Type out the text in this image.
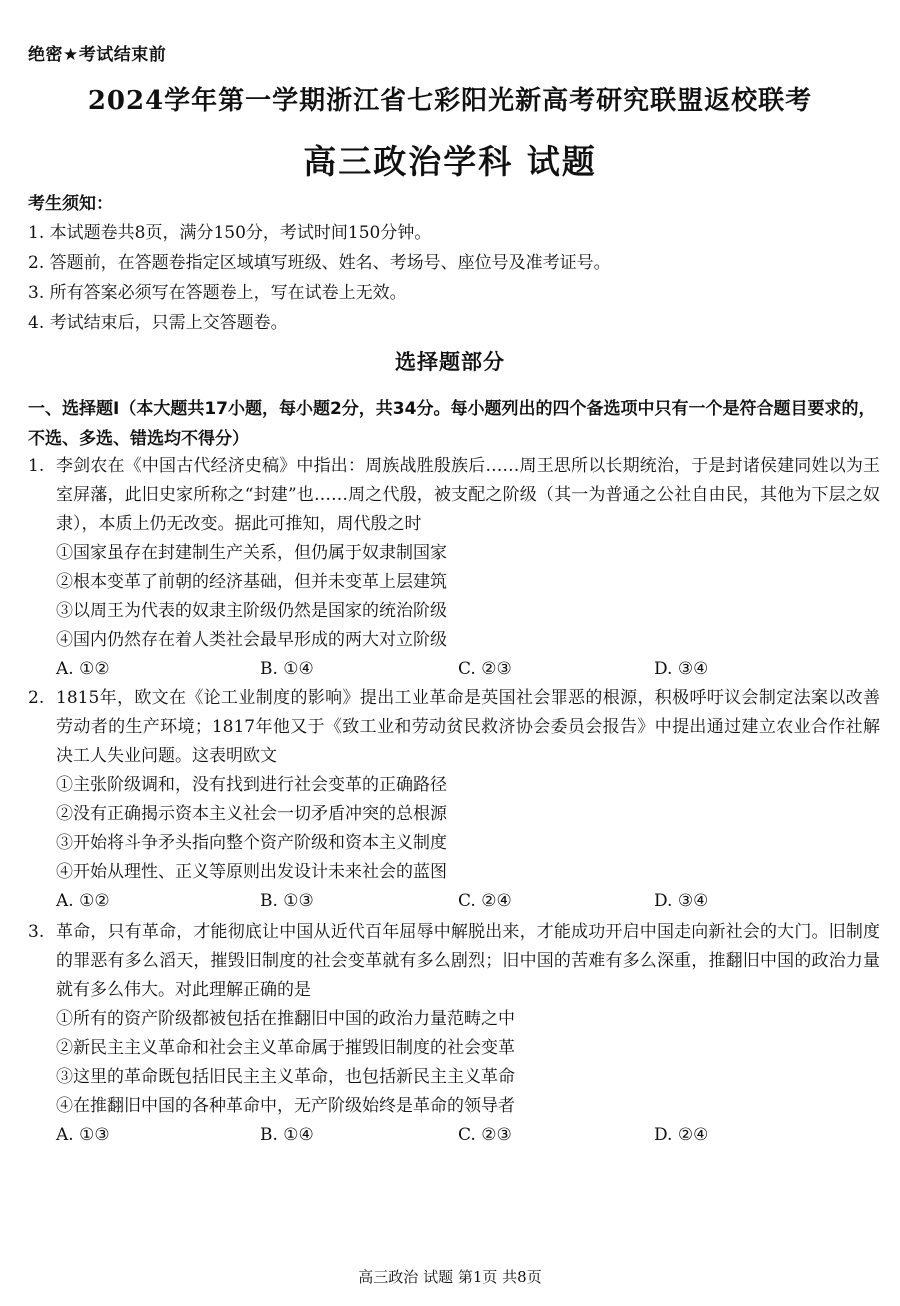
绝密★考试结束前
2024学年第一学期浙江省七彩阳光新高考研究联盟返校联考
高三政治学科 试题
考生须知：
1. 本试题卷共8页，满分150分，考试时间150分钟。
2. 答题前，在答题卷指定区域填写班级、姓名、考场号、座位号及准考证号。
3. 所有答案必须写在答题卷上，写在试卷上无效。
4. 考试结束后，只需上交答题卷。
选择题部分
一、选择题Ⅰ（本大题共17小题，每小题2分，共34分。每小题列出的四个备选项中只有一个是符合题目要求的，不选、多选、错选均不得分）
1. 李剑农在《中国古代经济史稿》中指出：周族战胜殷族后……周王思所以长期统治，于是封诸侯建同姓以为王室屏藩，此旧史家所称之“封建”也……周之代殷，被支配之阶级（其一为普通之公社自由民，其他为下层之奴隶），本质上仍无改变。据此可推知，周代殷之时
①国家虽存在封建制生产关系，但仍属于奴隶制国家
②根本变革了前朝的经济基础，但并未变革上层建筑
③以周王为代表的奴隶主阶级仍然是国家的统治阶级
④国内仍然存在着人类社会最早形成的两大对立阶级
A. ①②	B. ①④	C. ②③	D. ③④
2. 1815年，欧文在《论工业制度的影响》提出工业革命是英国社会罪恶的根源，积极呼吁议会制定法案以改善劳动者的生产环境；1817年他又于《致工业和劳动贫民救济协会委员会报告》中提出通过建立农业合作社解决工人失业问题。这表明欧文
①主张阶级调和，没有找到进行社会变革的正确路径
②没有正确揭示资本主义社会一切矛盾冲突的总根源
③开始将斗争矛头指向整个资产阶级和资本主义制度
④开始从理性、正义等原则出发设计未来社会的蓝图
A. ①②	B. ①③	C. ②④	D. ③④
3. 革命，只有革命，才能彻底让中国从近代百年屈辱中解脱出来，才能成功开启中国走向新社会的大门。旧制度的罪恶有多么滔天，摧毁旧制度的社会变革就有多么剧烈；旧中国的苦难有多么深重，推翻旧中国的政治力量就有多么伟大。对此理解正确的是
①所有的资产阶级都被包括在推翻旧中国的政治力量范畴之中
②新民主主义革命和社会主义革命属于摧毁旧制度的社会变革
③这里的革命既包括旧民主主义革命，也包括新民主主义革命
④在推翻旧中国的各种革命中，无产阶级始终是革命的领导者
A. ①③	B. ①④	C. ②③	D. ②④
高三政治 试题 第1页 共8页
